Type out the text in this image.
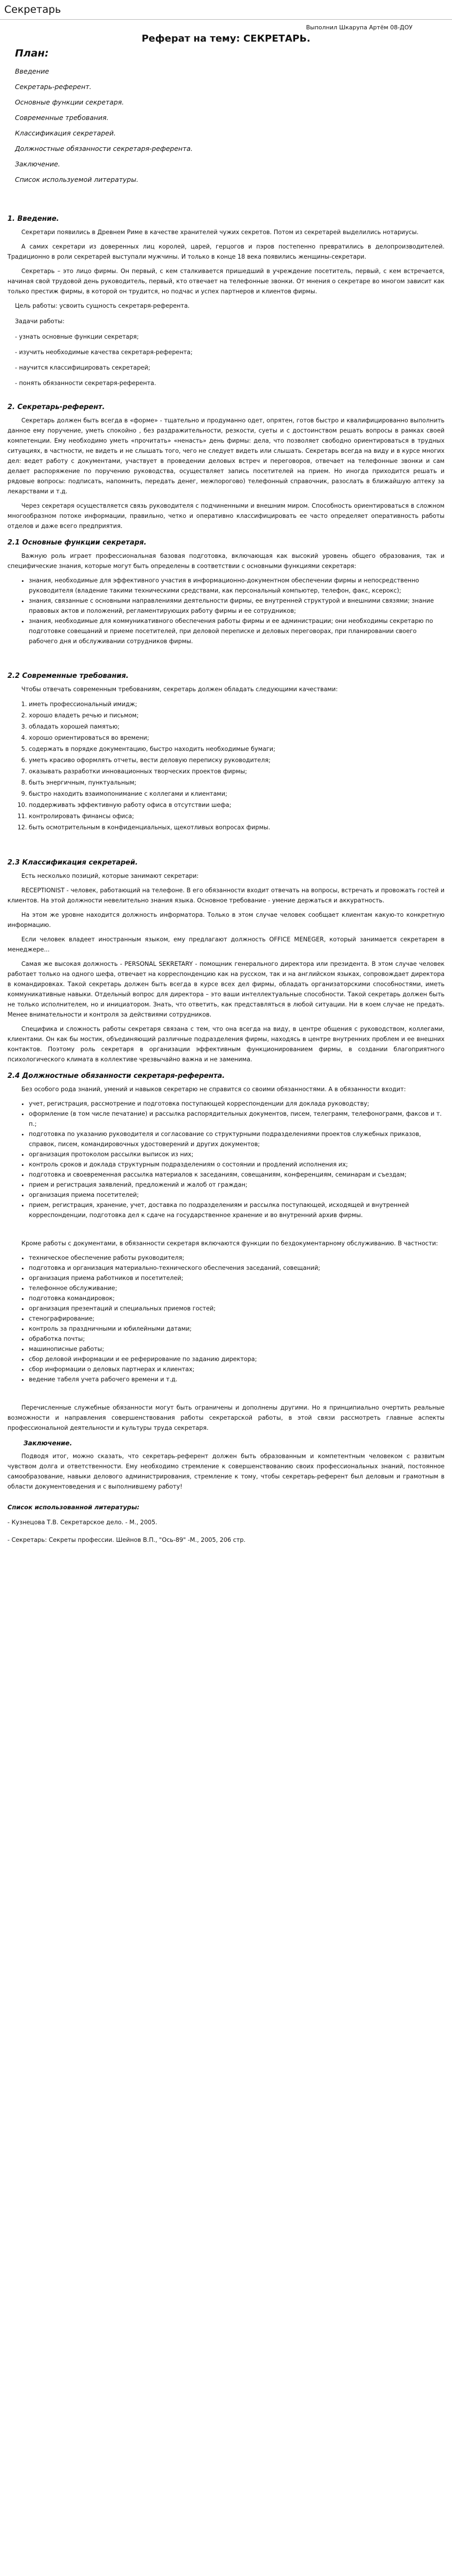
Секретарь
Выполнил Шкарупа Артём 08-ДОУ
Реферат на тему: СЕКРЕТАРЬ.
План:
Введение
Секретарь-референт.
Основные функции секретаря.
Современные требования.
Классификация секретарей.
Должностные обязанности секретаря-референта.
Заключение.
Список используемой литературы.
1. Введение.

Секретари появились в Древнем Риме в качестве хранителей чужих секретов. Потом из секретарей выделились нотариусы.

А самих секретари из доверенных лиц королей, царей, герцогов и пэров постепенно превратились в делопроизводителей. Традиционно в роли секретарей выступали мужчины. И только в конце 18 века появились женщины-секретари.

Секретарь – это лицо фирмы. Он первый, с кем сталкивается пришедший в учреждение посетитель, первый, с кем встречается, начиная свой трудовой день руководитель, первый, кто отвечает на телефонные звонки. От мнения о секретаре во многом зависит как только престиж фирмы, в которой он трудится, но подчас и успех партнеров и клиентов фирмы.

Цель работы: усвоить сущность секретаря-референта.

Задачи работы:

- узнать основные функции секретаря;

- изучить необходимые качества секретаря-референта;

- научится классифицировать секретарей;

- понять обязанности секретаря-референта.

2. Секретарь-референт.

Секретарь должен быть всегда в «форме» - тщательно и продуманно одет, опрятен, готов быстро и квалифицированно выполнить данное ему поручение, уметь спокойно , без раздражительности, резкости, суеты и с достоинством решать вопросы в рамках своей компетенции. Ему необходимо уметь «прочитать» «ненасть» день фирмы: дела, что позволяет свободно ориентироваться в трудных ситуациях, в частности, не видеть и не слышать того, чего не следует видеть или слышать. Секретарь всегда на виду и в курсе многих дел: ведет работу с документами, участвует в проведении деловых встреч и переговоров, отвечает на телефонные звонки и сам делает распоряжение по поручению руководства, осуществляет запись посетителей на прием. Но иногда приходится решать и рядовые вопросы: подписать, напомнить, передать денег, межпорогово) телефонный справочник, разослать в ближайшую аптеку за лекарствами и т.д.

Через секретаря осуществляется связь руководителя с подчиненными и внешним миром. Способность ориентироваться в сложном многообразном потоке информации, правильно, четко и оперативно классифицировать ее часто определяет оперативность работы отделов и даже всего предприятия.

2.1 Основные функции секретаря.

Важную роль играет профессиональная базовая подготовка, включающая как высокий уровень общего образования, так и специфические знания, которые могут быть определены в соответствии с основными функциями секретаря:

• знания, необходимые для эффективного участия в информационно-документном обеспечении фирмы и непосредственно руководителя (владение такими техническими средствами, как персональный компьютер, телефон, факс, ксерокс);
• знания, связанные с основными направлениями деятельности фирмы, ее внутренней структурой и внешними связями; знание правовых актов и положений, регламентирующих работу фирмы и ее сотрудников;
• знания, необходимые для коммуникативного обеспечения работы фирмы и ее администрации; они необходимы секретарю по подготовке совещаний и приеме посетителей, при деловой переписке и деловых переговорах, при планировании своего рабочего дня и обслуживании сотрудников фирмы.
2.2 Современные требования.

Чтобы отвечать современным требованиям, секретарь должен обладать следующими качествами:

1. иметь профессиональный имидж;
2. хорошо владеть речью и письмом;
3. обладать хорошей памятью;
4. хорошо ориентироваться во времени;
5. содержать в порядке документацию, быстро находить необходимые бумаги;
6. уметь красиво оформлять отчеты, вести деловую переписку руководителя;
7. оказывать разработки инновационных творческих проектов фирмы;
8. быть энергичным, пунктуальным;
9. быстро находить взаимопонимание с коллегами и клиентами;
10. поддерживать эффективную работу офиса в отсутствии шефа;
11. контролировать финансы офиса;
12. быть осмотрительным в конфиденциальных, щекотливых вопросах фирмы.
2.3 Классификация секретарей.

Есть несколько позиций, которые занимают секретари:

RECEPTIONIST - человек, работающий на телефоне. В его обязанности входит отвечать на вопросы, встречать и провожать гостей и клиентов. На этой должности невелительно знания языка. Основное требование - умение держаться и аккуратность.

На этом же уровне находится должность информатора. Только в этом случае человек сообщает клиентам какую-то конкретную информацию.

Если человек владеет иностранным языком, ему предлагают должность OFFICE MENEGER, который занимается секретарем в менеджере...

Самая же высокая должность - PERSONAL SEKRETARY - помощник генерального директора или президента. В этом случае человек работает только на одного шефа, отвечает на корреспонденцию как на русском, так и на английском языках, сопровождает директора в командировках. Такой секретарь должен быть всегда в курсе всех дел фирмы, обладать организаторскими способностями, иметь коммуникативные навыки. Отдельный вопрос для директора – это ваши интеллектуальные способности. Такой секретарь должен быть не только исполнителем, но и инициатором. Знать, что ответить, как представляться в любой ситуации. Ни в коем случае не предать. Менее внимательности и контроля за действиями сотрудников.

Специфика и сложность работы секретаря связана с тем, что она всегда на виду, в центре общения с руководством, коллегами, клиентами. Он как бы мостик, объединяющий различные подразделения фирмы, находясь в центре внутренних проблем и ее внешних контактов. Поэтому роль секретаря в организации эффективным функционированием фирмы, в создании благоприятного психологического климата в коллективе чрезвычайно важна и не заменима.

2.4 Должностные обязанности секретаря-референта.

Без особого рода знаний, умений и навыков секретарю не справится со своими обязанностями. А в обязанности входит:

• учет, регистрация, рассмотрение и подготовка поступающей корреспонденции для доклада руководству;
• оформление (в том числе печатание) и рассылка распорядительных документов, писем, телеграмм, телефонограмм, факсов и т. п.;
• подготовка по указанию руководителя и согласование со структурными подразделениями проектов служебных приказов, справок, писем, командировочных удостоверений и других документов;
• организация протоколом рассылки выписок из них;
• контроль сроков и доклада структурным подразделениям о состоянии и продлений исполнения их;
• подготовка и своевременная рассылка материалов к заседаниям, совещаниям, конференциям, семинарам и съездам;
• прием и регистрация заявлений, предложений и жалоб от граждан;
• организация приема посетителей;
• прием, регистрация, хранение, учет, доставка по подразделениям и рассылка поступающей, исходящей и внутренней корреспонденции, подготовка дел к сдаче на государственное хранение и во внутренний архив фирмы.

Кроме работы с документами, в обязанности секретаря включаются функции по бездокументарному обслуживанию. В частности:

• техническое обеспечение работы руководителя;
• подготовка и организация материально-технического обеспечения заседаний, совещаний;
• организация приема работников и посетителей;
• телефонное обслуживание;
• подготовка командировок;
• организация презентаций и специальных приемов гостей;
• стенографирование;
• контроль за праздничными и юбилейными датами;
• обработка почты;
• машинописные работы;
• сбор деловой информации и ее реферирование по заданию директора;
• сбор информации о деловых партнерах и клиентах;
• ведение табеля учета рабочего времени и т.д.

Перечисленные служебные обязанности могут быть ограничены и дополнены другими. Но я принципиально очертить реальные возможности и направления совершенствования работы секретарской работы, в этой связи рассмотреть главные аспекты профессиональной деятельности и культуры труда секретаря.

Заключение.

Подводя итог, можно сказать, что секретарь-референт должен быть образованным и компетентным человеком с развитым чувством долга и ответственности. Ему необходимо стремление к совершенствованию своих профессиональных знаний, постоянное самообразование, навыки делового администрирования, стремление к тому, чтобы секретарь-референт был деловым и грамотным в области документоведения и с выполнившему работу!

Список использованной литературы:
- Кузнецова Т.В. Секретарское дело. - М., 2005.
- Секретарь: Секреты профессии. Шейнов В.П., "Ось-89" -М., 2005, 206 стр.
